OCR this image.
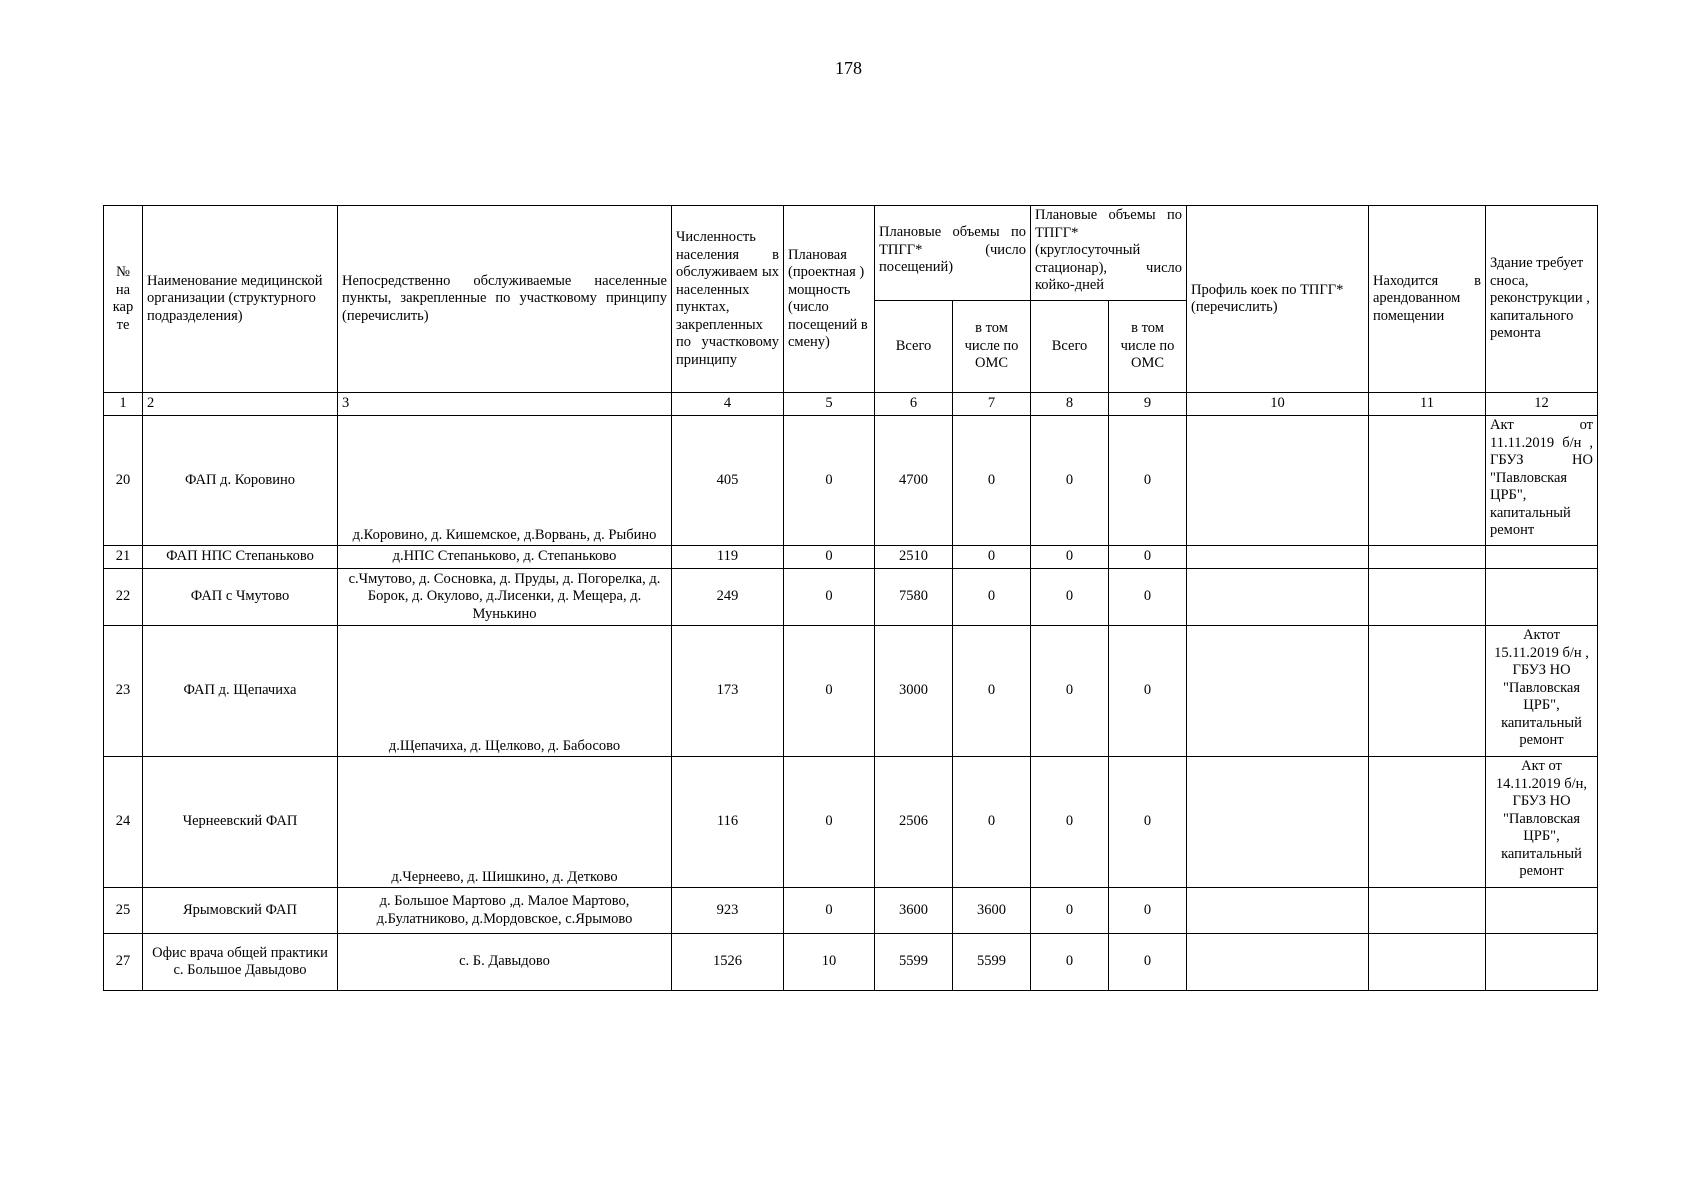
178
№ на кар те	Наименование медицинской организации (структурного подразделения)	Непосредственно обслуживаемые населенные пункты, закрепленные по участковому принципу (перечислить)	Численность населения в обслуживаем ых населенных пунктах, закрепленных по участковому принципу	Плановая (проектная ) мощность (число посещений в смену)	Плановые объемы по ТПГГ* (число посещений)		Плановые объемы по ТПГГ* (круглосуточный стационар), число койко-дней		Профиль коек по ТПГГ* (перечислить)	Находится в арендованном помещении	Здание требует сноса, реконструкции , капитального ремонта
					Всего	в том числе по ОМС	Всего	в том числе по ОМС			
1	2	3	4	5	6	7	8	9	10	11	12
20	ФАП д. Коровино	д.Коровино, д. Кишемское, д.Ворвань, д. Рыбино	405	0	4700	0	0	0			Акт от 11.11.2019 б/н , ГБУЗ НО "Павловская ЦРБ", капитальный ремонт
21	ФАП НПС Степаньково	д.НПС Степаньково, д. Степаньково	119	0	2510	0	0	0			
22	ФАП с Чмутово	с.Чмутово, д. Сосновка, д. Пруды, д. Погорелка, д. Борок, д. Окулово, д.Лисенки, д. Мещера, д. Мунькино	249	0	7580	0	0	0			
23	ФАП д. Щепачиха	д.Щепачиха, д. Щелково, д. Бабосово	173	0	3000	0	0	0			Актот 15.11.2019 б/н , ГБУЗ НО "Павловская ЦРБ", капитальный ремонт
24	Чернеевский ФАП	д.Чернеево, д. Шишкино, д. Детково	116	0	2506	0	0	0			Акт от 14.11.2019 б/н, ГБУЗ НО "Павловская ЦРБ", капитальный ремонт
25	Ярымовский ФАП	д. Большое Мартово ,д. Малое Мартово, д.Булатниково, д.Мордовское, с.Ярымово	923	0	3600	3600	0	0			
27	Офис врача общей практики с. Большое Давыдово	с. Б. Давыдово	1526	10	5599	5599	0	0			
